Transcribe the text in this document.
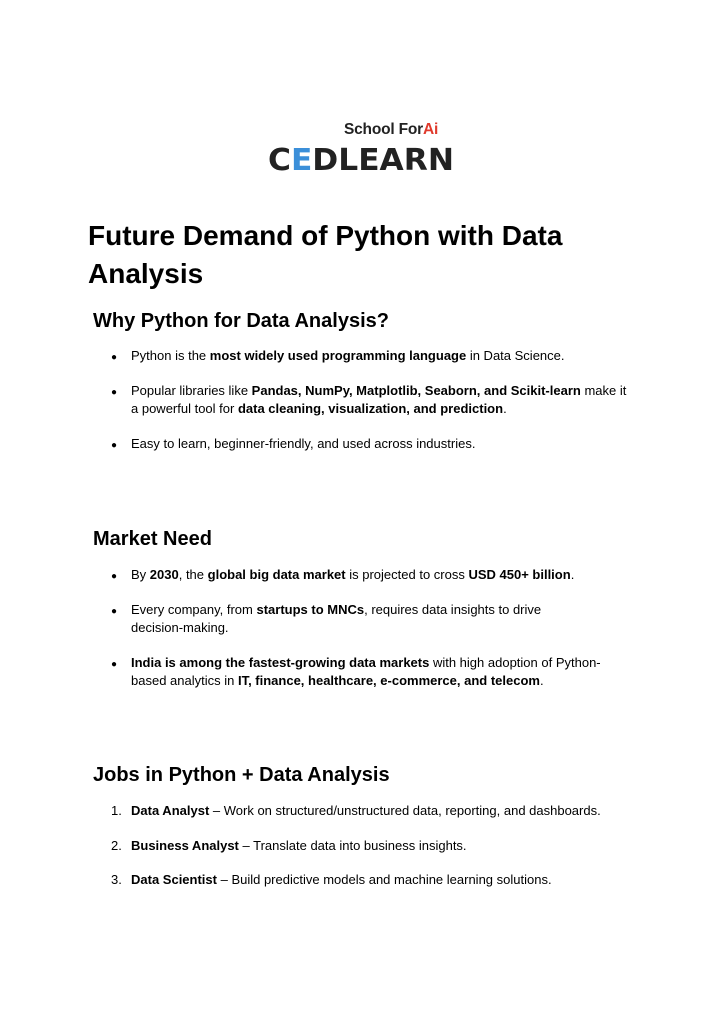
School ForAi
CEDLEARN
Future Demand of Python with Data Analysis
Why Python for Data Analysis?
●
Python is the most widely used programming language in Data Science.
●
Popular libraries like Pandas, NumPy, Matplotlib, Seaborn, and Scikit-learn make it a powerful tool for data cleaning, visualization, and prediction.
●
Easy to learn, beginner-friendly, and used across industries.
Market Need
●
By 2030, the global big data market is projected to cross USD 450+ billion.
●
Every company, from startups to MNCs, requires data insights to drive decision-making.
●
India is among the fastest-growing data markets with high adoption of Python-based analytics in IT, finance, healthcare, e-commerce, and telecom.
Jobs in Python + Data Analysis
1. Data Analyst – Work on structured/unstructured data, reporting, and dashboards.
2. Business Analyst – Translate data into business insights.
3. Data Scientist – Build predictive models and machine learning solutions.
